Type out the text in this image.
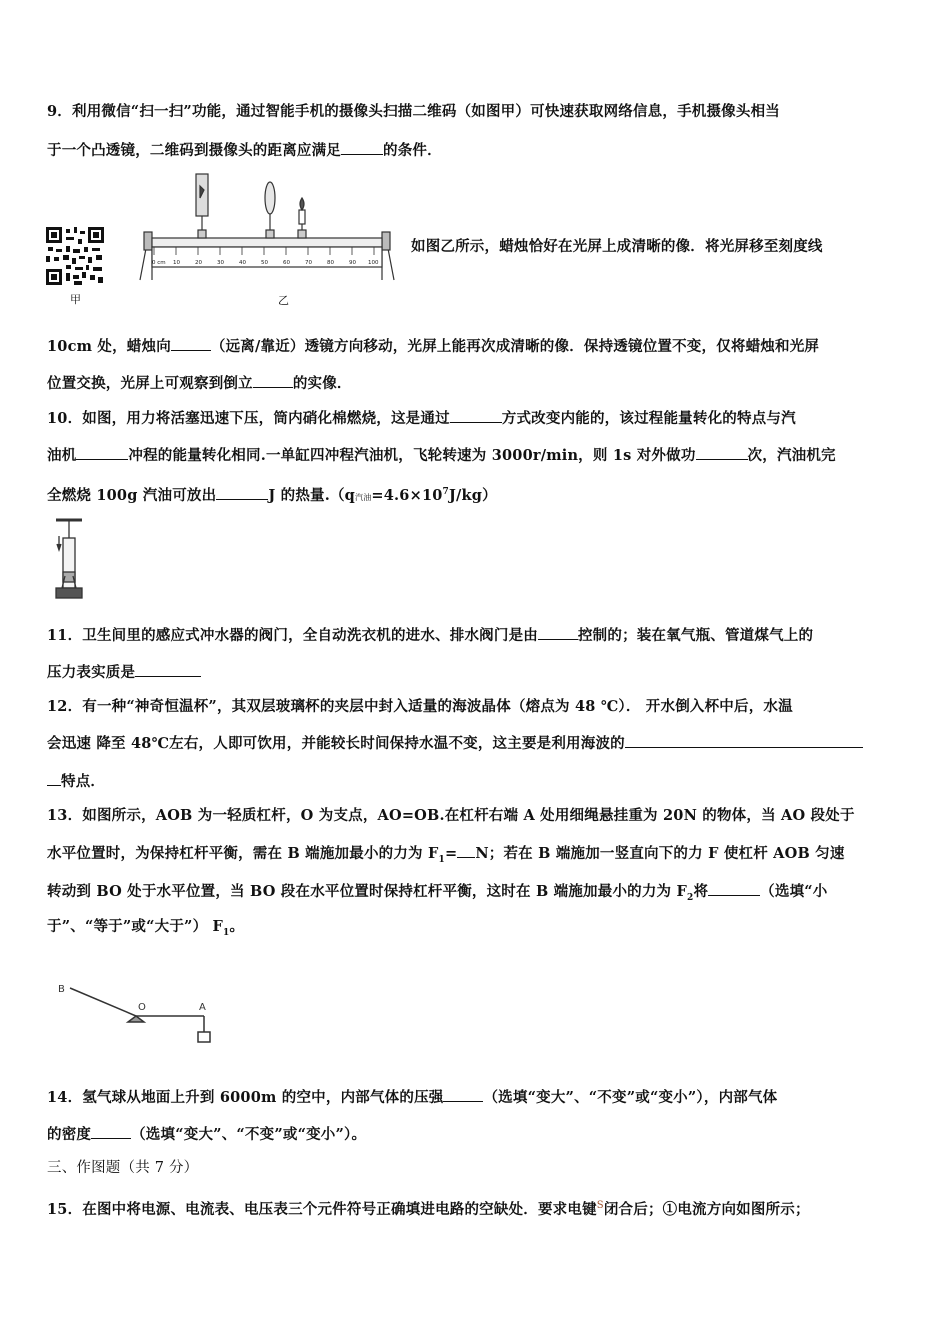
9．利用微信“扫一扫”功能，通过智能手机的摄像头扫描二维码（如图甲）可快速获取网络信息，手机摄像头相当
于一个凸透镜，二维码到摄像头的距离应满足	的条件．
甲
0 cm 10	20	30	40	50	60	70	80	90 100
乙
如图乙所示，蜡烛恰好在光屏上成清晰的像．将光屏移至刻度线
10cm 处，蜡烛向	（远离/靠近）透镜方向移动，光屏上能再次成清晰的像．保持透镜位置不变，仅将蜡烛和光屏
位置交换，光屏上可观察到倒立	的实像．
10．如图，用力将活塞迅速下压，筒内硝化棉燃烧，这是通过	方式改变内能的，该过程能量转化的特点与汽
油机	冲程的能量转化相同.一单缸四冲程汽油机，飞轮转速为 3000r/min，则 1s 对外做功	次，汽油机完
全燃烧 100g 汽油可放出	J 的热量.（q汽油$=4.6\times 10^7J/kg$）
11．卫生间里的感应式冲水器的阀门，全自动洗衣机的进水、排水阀门是由	控制的；装在氧气瓶、管道煤气上的
压力表实质是
12．有一种“神奇恒温杯”，其双层玻璃杯的夹层中封入适量的海波晶体（熔点为 48 ℃）． 开水倒入杯中后，水温
会迅速 降至 48℃左右，人即可饮用，并能较长时间保持水温不变，这主要是利用海波的
特点．
13．如图所示，AOB 为一轻质杠杆，O 为支点，AO=OB.在杠杆右端 A 处用细绳悬挂重为 20N 的物体，当 AO 段处于
水平位置时，为保持杠杆平衡，需在 B 端施加最小的力为 $F_1= N$；若在 B 端施加一竖直向下的力 F 使杠杆 AOB 匀速
转动到 BO 处于水平位置，当 BO 段在水平位置时保持杠杆平衡，这时在 B 端施加最小的力为 $F_2$将	（选填“小
于”、“等于”或“大于”） $F_1$。
B
O	A
14．氢气球从地面上升到 6000m 的空中，内部气体的压强	（选填“变大”、“不变”或“变小”），内部气体
的密度	（选填“变大”、“不变”或“变小”）。
三、作图题（共 7 分）
15．在图中将电源、电流表、电压表三个元件符号正确填进电路的空缺处．要求电键$^S$闭合后；①电流方向如图所示；
